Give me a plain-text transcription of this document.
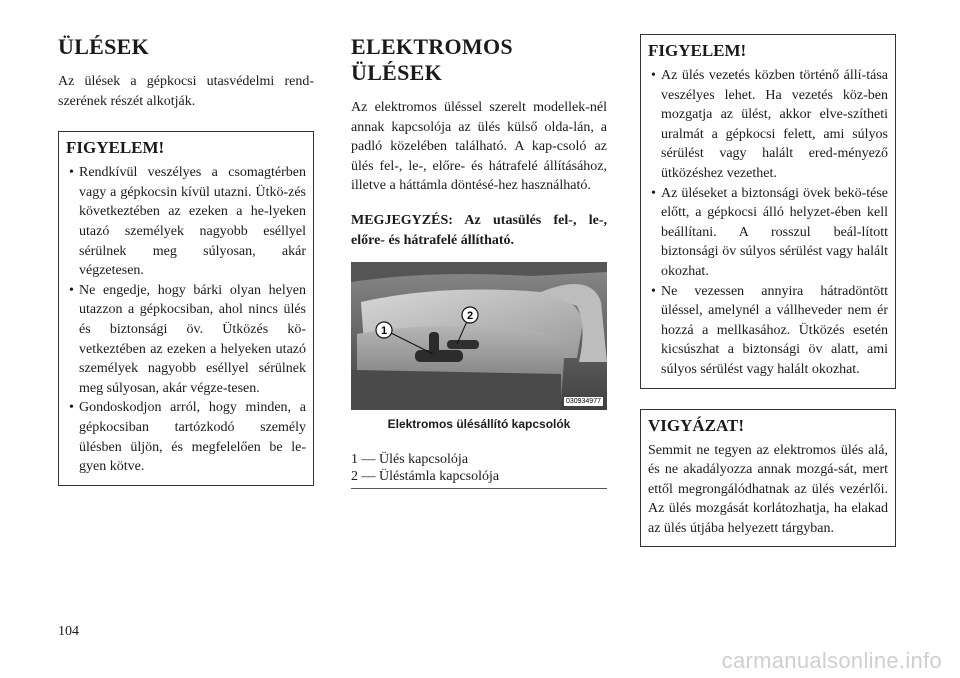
ÜLÉSEK

Az ülések a gépkocsi utasvédelmi rend-szerének részét alkotják.

FIGYELEM!
• Rendkívül veszélyes a csomagtérben vagy a gépkocsin kívül utazni. Ütkö-zés következtében az ezeken a he-lyeken utazó személyek nagyobb eséllyel sérülnek meg súlyosan, akár végzetesen.
• Ne engedje, hogy bárki olyan helyen utazzon a gépkocsiban, ahol nincs ülés és biztonsági öv. Ütközés kö-vetkeztében az ezeken a helyeken utazó személyek nagyobb eséllyel sérülnek meg súlyosan, akár végze-tesen.
• Gondoskodjon arról, hogy minden, a gépkocsiban tartózkodó személy ülésben üljön, és megfelelően be le-gyen kötve.
ELEKTROMOS ÜLÉSEK

Az elektromos üléssel szerelt modellek-nél annak kapcsolója az ülés külső olda-lán, a padló közelében található. A kap-csoló az ülés fel-, le-, előre- és hátrafelé állításához, illetve a háttámla döntésé-hez használható.

MEGJEGYZÉS: Az utasülés fel-, le-, előre- és hátrafelé állítható.

1
2
030934977
Elektromos ülésállító kapcsolók
1 — Ülés kapcsolója
2 — Üléstámla kapcsolója
FIGYELEM!
• Az ülés vezetés közben történő állí-tása veszélyes lehet. Ha vezetés köz-ben mozgatja az ülést, akkor elve-szítheti uralmát a gépkocsi felett, ami súlyos sérülést vagy halált ered-ményező ütközéshez vezethet.
• Az üléseket a biztonsági övek bekö-tése előtt, a gépkocsi álló helyzet-ében kell beállítani. A rosszul beál-lított biztonsági öv súlyos sérülést vagy halált okozhat.
• Ne vezessen annyira hátradöntött üléssel, amelynél a vállheveder nem ér hozzá a mellkasához. Ütközés esetén kicsúszhat a biztonsági öv alatt, ami súlyos sérülést vagy halált okozhat.
VIGYÁZAT!

Semmit ne tegyen az elektromos ülés alá, és ne akadályozza annak mozgá-sát, mert ettől megrongálódhatnak az ülés vezérlői. Az ülés mozgását korlátozhatja, ha elakad az ülés útjába helyezett tárgyban.

104
carmanualsonline.info
